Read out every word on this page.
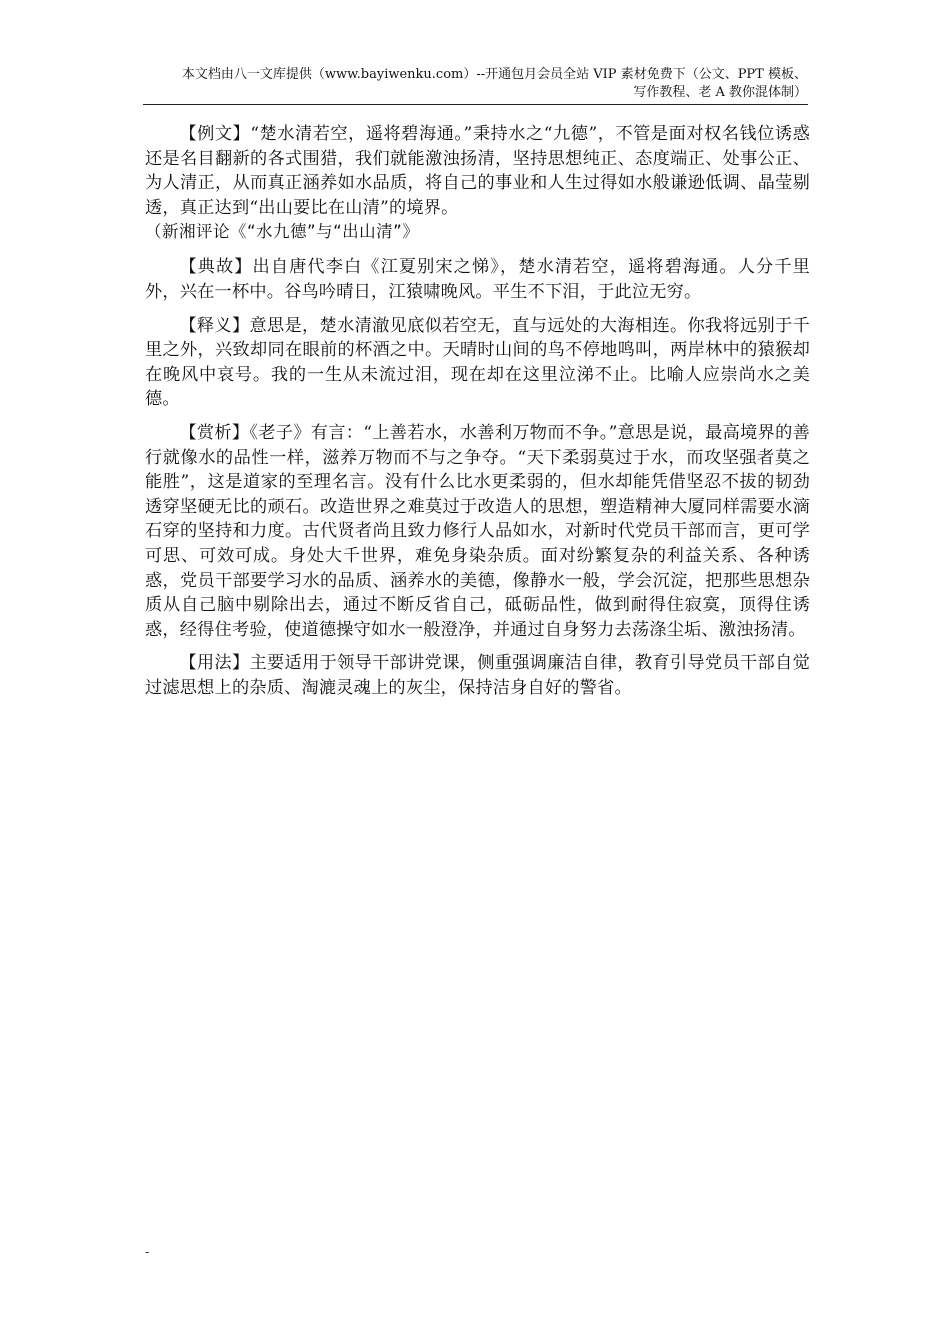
本文档由八一文库提供（www.bayiwenku.com）--开通包月会员全站 VIP 素材免费下（公文、PPT 模板、
写作教程、老 A 教你混体制）

【例文】“楚水清若空，遥将碧海通。”秉持水之“九德”，不管是面对权名钱位诱惑还是名目翻新的各式围猎，我们就能激浊扬清，坚持思想纯正、态度端正、处事公正、为人清正，从而真正涵养如水品质，将自己的事业和人生过得如水般谦逊低调、晶莹剔透，真正达到“出山要比在山清”的境界。

（新湘评论《“水九德”与“出山清”》

【典故】出自唐代李白《江夏别宋之悌》，楚水清若空，遥将碧海通。人分千里外，兴在一杯中。谷鸟吟晴日，江猿啸晚风。平生不下泪，于此泣无穷。

【释义】意思是，楚水清澈见底似若空无，直与远处的大海相连。你我将远别于千里之外，兴致却同在眼前的杯酒之中。天晴时山间的鸟不停地鸣叫，两岸林中的猿猴却在晚风中哀号。我的一生从未流过泪，现在却在这里泣涕不止。比喻人应崇尚水之美德。

【赏析】《老子》有言：“上善若水，水善利万物而不争。”意思是说，最高境界的善行就像水的品性一样，滋养万物而不与之争夺。“天下柔弱莫过于水，而攻坚强者莫之能胜”，这是道家的至理名言。没有什么比水更柔弱的，但水却能凭借坚忍不拔的韧劲透穿坚硬无比的顽石。改造世界之难莫过于改造人的思想，塑造精神大厦同样需要水滴石穿的坚持和力度。古代贤者尚且致力修行人品如水，对新时代党员干部而言，更可学可思、可效可成。身处大千世界，难免身染杂质。面对纷繁复杂的利益关系、各种诱惑，党员干部要学习水的品质、涵养水的美德，像静水一般，学会沉淀，把那些思想杂质从自己脑中剔除出去，通过不断反省自己，砥砺品性，做到耐得住寂寞，顶得住诱惑，经得住考验，使道德操守如水一般澄净，并通过自身努力去荡涤尘垢、激浊扬清。

【用法】主要适用于领导干部讲党课，侧重强调廉洁自律，教育引导党员干部自觉过滤思想上的杂质、淘漉灵魂上的灰尘，保持洁身自好的警省。

-
